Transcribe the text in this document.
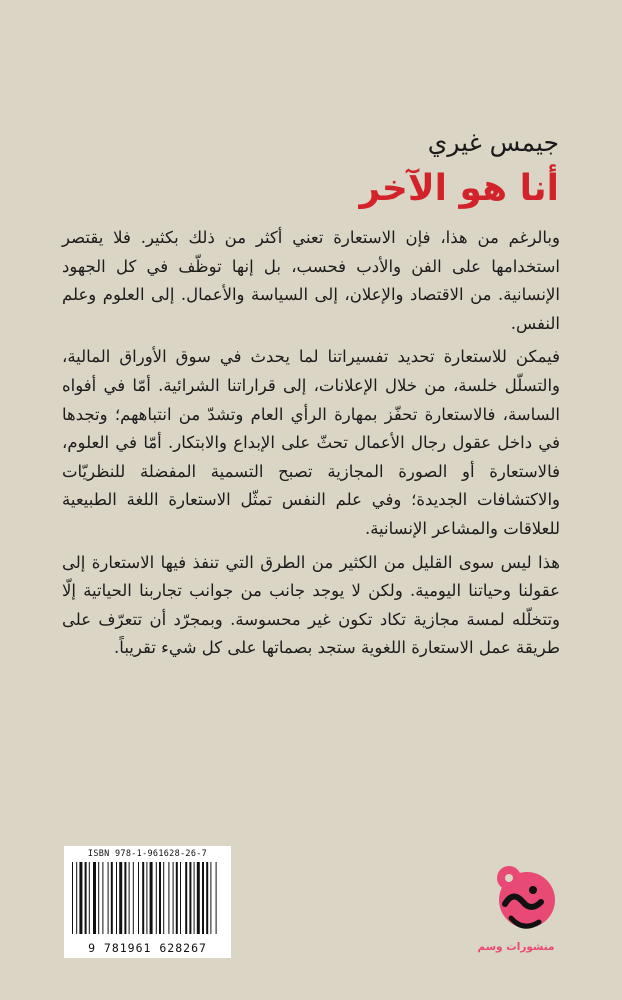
جيمس غيري
أنا هو الآخر

وبالرغم من هذا، فإن الاستعارة تعني أكثر من ذلك بكثير. فلا يقتصر استخدامها على الفن والأدب فحسب، بل إنها توظّف في كل الجهود الإنسانية. من الاقتصاد والإعلان، إلى السياسة والأعمال. إلى العلوم وعلم النفس.

فيمكن للاستعارة تحديد تفسيراتنا لما يحدث في سوق الأوراق المالية، والتسلّل خلسة، من خلال الإعلانات، إلى قراراتنا الشرائية. أمّا في أفواه الساسة، فالاستعارة تحفّز بمهارة الرأي العام وتشدّ من انتباههم؛ وتجدها في داخل عقول رجال الأعمال تحثّ على الإبداع والابتكار. أمّا في العلوم، فالاستعارة أو الصورة المجازية تصبح التسمية المفضلة للنظريّات والاكتشافات الجديدة؛ وفي علم النفس تمثّل الاستعارة اللغة الطبيعية للعلاقات والمشاعر الإنسانية.

هذا ليس سوى القليل من الكثير من الطرق التي تنفذ فيها الاستعارة إلى عقولنا وحياتنا اليومية. ولكن لا يوجد جانب من جوانب تجاربنا الحياتية إلّا وتتخلّله لمسة مجازية تكاد تكون غير محسوسة. وبمجرّد أن تتعرّف على طريقة عمل الاستعارة اللغوية ستجد بصماتها على كل شيء تقريباً.

ISBN 978-1-961628-26-7
9 781961 628267	منشورات وسم
